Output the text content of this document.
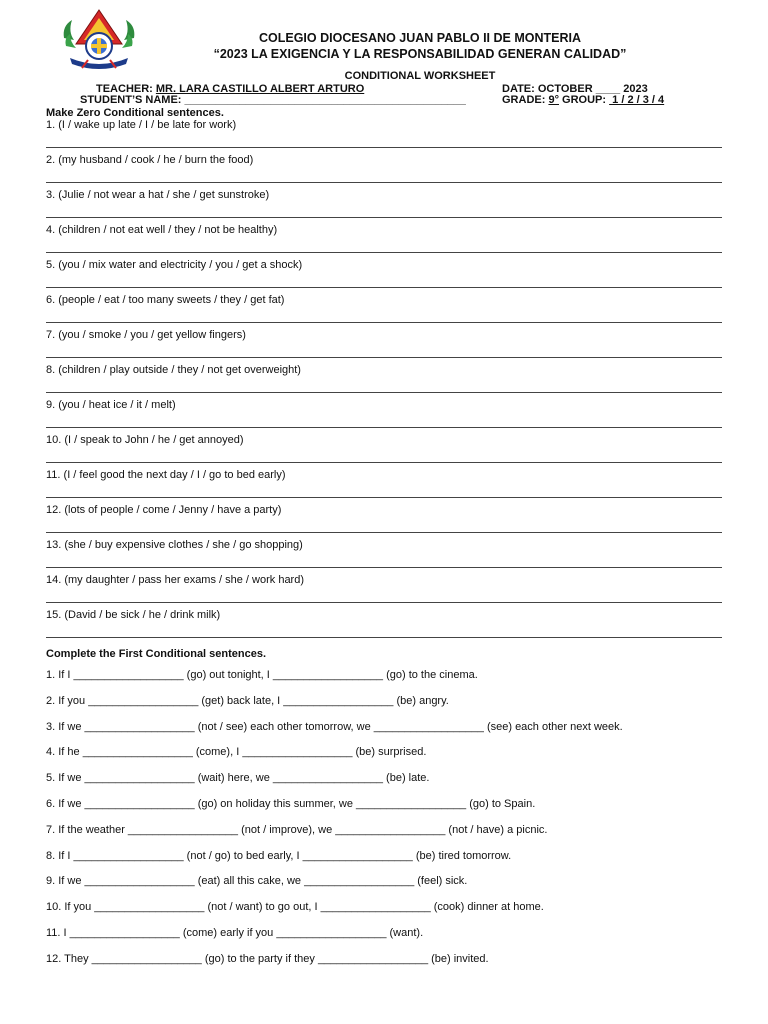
COLEGIO DIOCESANO JUAN PABLO II DE MONTERIA
“2023 LA EXIGENCIA Y LA RESPONSABILIDAD GENERAN CALIDAD”
CONDITIONAL WORKSHEET
TEACHER: MR. LARA CASTILLO ALBERT ARTURO	DATE: OCTOBER ____ 2023
STUDENT’S NAME: ______________________________________________	GRADE: 9° GROUP:  1 / 2 / 3 / 4
Make Zero Conditional sentences.
1. (I / wake up late / I / be late for work)
2. (my husband / cook / he / burn the food)
3. (Julie / not wear a hat / she / get sunstroke)
4. (children / not eat well / they / not be healthy)
5. (you / mix water and electricity / you / get a shock)
6. (people / eat / too many sweets / they / get fat)
7. (you / smoke / you / get yellow fingers)
8. (children / play outside / they / not get overweight)
9. (you / heat ice / it / melt)
10. (I / speak to John / he / get annoyed)
11. (I / feel good the next day / I / go to bed early)
12. (lots of people / come / Jenny / have a party)
13. (she / buy expensive clothes / she / go shopping)
14. (my daughter / pass her exams / she / work hard)
15. (David / be sick / he / drink milk)
Complete the First Conditional sentences.
1. If I __________________ (go) out tonight, I __________________ (go) to the cinema.
2. If you __________________ (get) back late, I __________________ (be) angry.
3. If we __________________ (not / see) each other tomorrow, we __________________ (see) each other next week.
4. If he __________________ (come), I __________________ (be) surprised.
5. If we __________________ (wait) here, we __________________ (be) late.
6. If we __________________ (go) on holiday this summer, we __________________ (go) to Spain.
7. If the weather __________________ (not / improve), we __________________ (not / have) a picnic.
8. If I __________________ (not / go) to bed early, I __________________ (be) tired tomorrow.
9. If we __________________ (eat) all this cake, we __________________ (feel) sick.
10. If you __________________ (not / want) to go out, I __________________ (cook) dinner at home.
11. I __________________ (come) early if you __________________ (want).
12. They __________________ (go) to the party if they __________________ (be) invited.
